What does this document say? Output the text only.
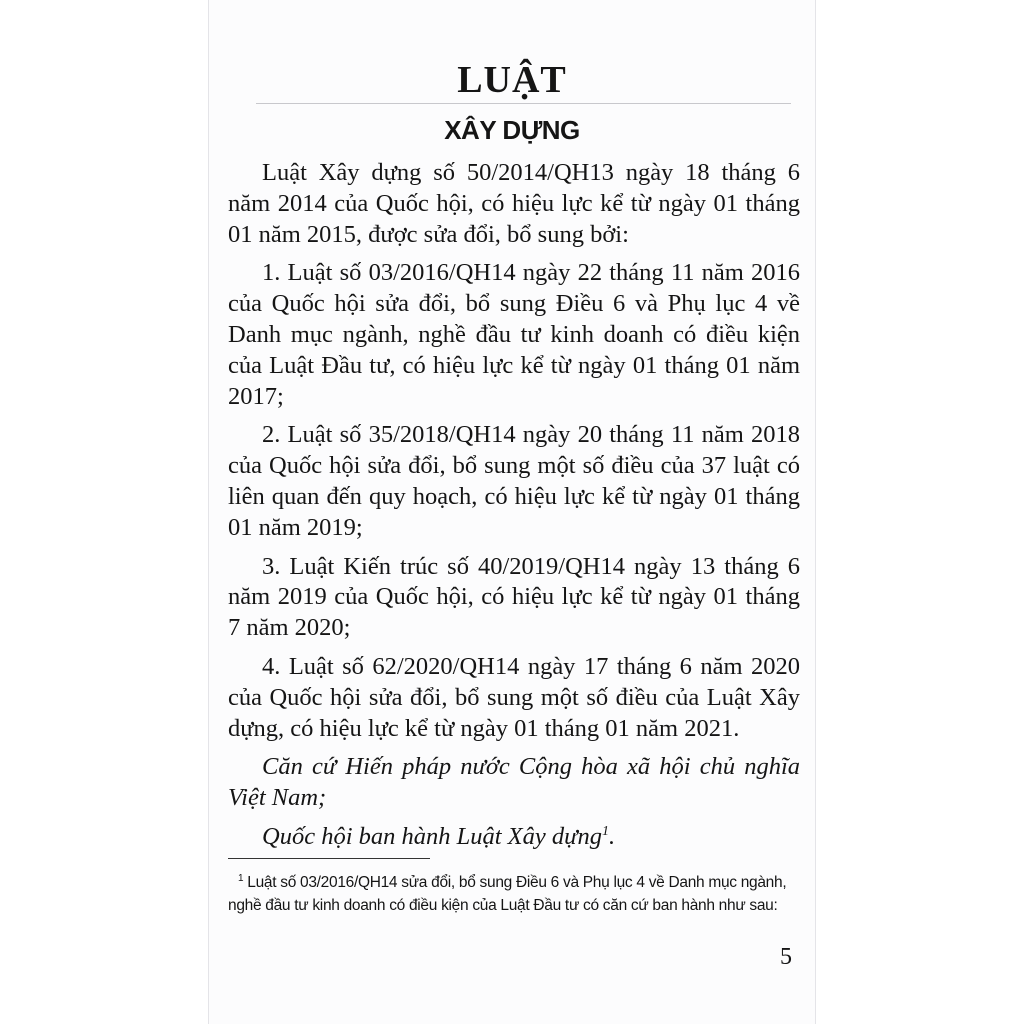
LUẬT
XÂY DỰNG

Luật Xây dựng số 50/2014/QH13 ngày 18 tháng 6 năm 2014 của Quốc hội, có hiệu lực kể từ ngày 01 tháng 01 năm 2015, được sửa đổi, bổ sung bởi:

1. Luật số 03/2016/QH14 ngày 22 tháng 11 năm 2016 của Quốc hội sửa đổi, bổ sung Điều 6 và Phụ lục 4 về Danh mục ngành, nghề đầu tư kinh doanh có điều kiện của Luật Đầu tư, có hiệu lực kể từ ngày 01 tháng 01 năm 2017;

2. Luật số 35/2018/QH14 ngày 20 tháng 11 năm 2018 của Quốc hội sửa đổi, bổ sung một số điều của 37 luật có liên quan đến quy hoạch, có hiệu lực kể từ ngày 01 tháng 01 năm 2019;

3. Luật Kiến trúc số 40/2019/QH14 ngày 13 tháng 6 năm 2019 của Quốc hội, có hiệu lực kể từ ngày 01 tháng 7 năm 2020;

4. Luật số 62/2020/QH14 ngày 17 tháng 6 năm 2020 của Quốc hội sửa đổi, bổ sung một số điều của Luật Xây dựng, có hiệu lực kể từ ngày 01 tháng 01 năm 2021.

Căn cứ Hiến pháp nước Cộng hòa xã hội chủ nghĩa Việt Nam;

Quốc hội ban hành Luật Xây dựng$^1$.

$^1$ Luật số 03/2016/QH14 sửa đổi, bổ sung Điều 6 và Phụ lục 4 về Danh mục ngành, nghề đầu tư kinh doanh có điều kiện của Luật Đầu tư có căn cứ ban hành như sau:
5
